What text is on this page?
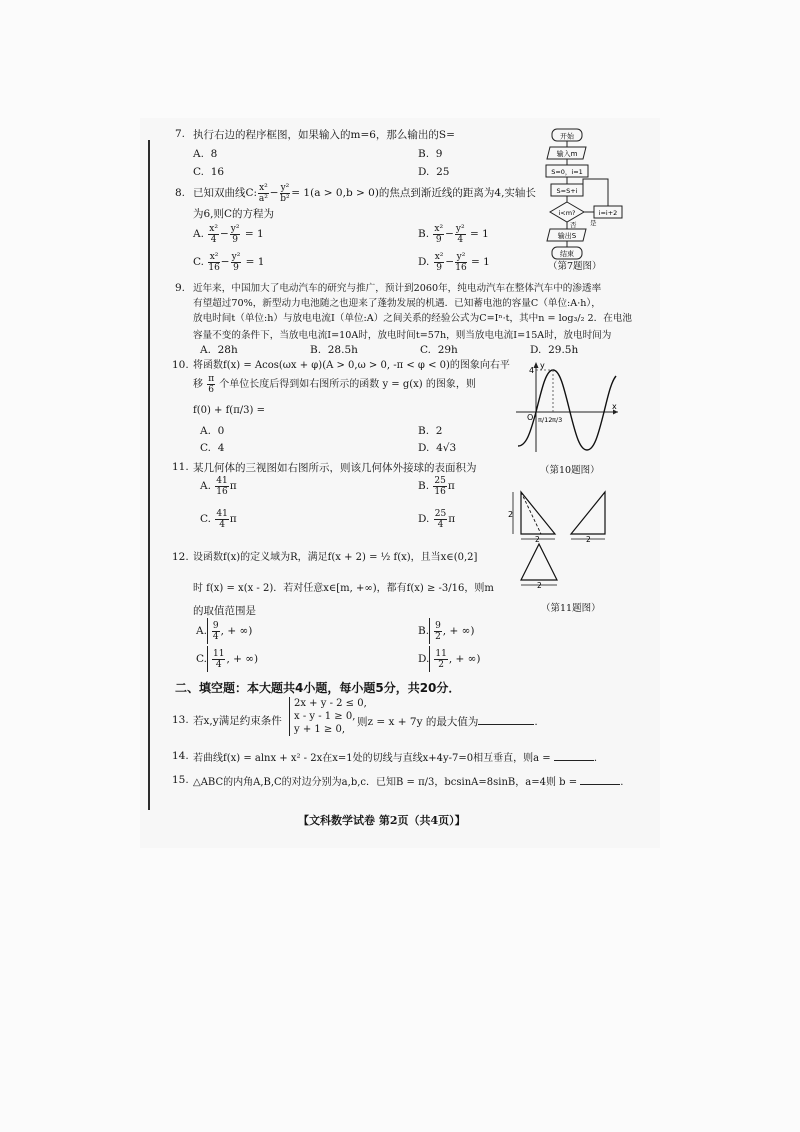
7. 执行右边的程序框图，如果输入的m=6，那么输出的S=
A. 8	B. 9
C. 16	D. 25
开始
输入m
S=0，i=1
S=S+i
i<m?	i=i+2
是
否
输出S
结束
（第7题图）
8. 已知双曲线C: $\frac{\text{x²}}{\text{a²}} - \frac{\text{y²}}{\text{b²}} = 1(a > 0,b > 0)$的焦点到渐近线的距离为4,实轴长
为6,则C的方程为
A. $\frac{\text{x²}}{4} - \frac{\text{y²}}{9} = 1$	B. $\frac{\text{x²}}{9} - \frac{\text{y²}}{4} = 1$
C. $\frac{\text{x²}}{16} - \frac{\text{y²}}{9} = 1$	D. $\frac{\text{x²}}{9} - \frac{\text{y²}}{16} = 1$
9. 近年来，中国加大了电动汽车的研究与推广，预计到2060年，纯电动汽车在整体汽车中的渗透率
有望超过70%，新型动力电池随之也迎来了蓬勃发展的机遇．已知蓄电池的容量C（单位:A·h），
放电时间t（单位:h）与放电电流I（单位:A）之间关系的经验公式为C=Iⁿ·t，其中n = log₃/₂ 2．在电池
容量不变的条件下，当放电电流I=10A时，放电时间t=57h，则当放电电流I=15A时，放电时间为
A. 28h	B. 28.5h	C. 29h	D. 29.5h
10. 将函数f(x) = Acos(ωx + φ)(A > 0,ω > 0, -π < φ < 0)的图象向右平
移 $\frac{\pi}{6}$ 个单位长度后得到如右图所示的函数 y = g(x) 的图象，则
f(0) + f(π/3) =
A. 0	B. 2
C. 4	D. 4√3
y
x
O
4
π/12 π/3
（第10题图）
11. 某几何体的三视图如右图所示，则该几何体外接球的表面积为
A. $\frac{41}{16}$ π	B. $\frac{25}{16}$ π
C. $\frac{41}{4}$ π	D. $\frac{25}{4}$ π	2
2	2
2
（第11题图）
12. 设函数f(x)的定义域为R，满足f(x + 2) = ½ f(x)，且当x∈(0,2]
时 f(x) = x(x - 2)．若对任意x∈[m, +∞)，都有f(x) ≥ -3/16，则m
的取值范围是
A. $\frac{9}{4}$ , + ∞)	B. $\frac{9}{2}$ , + ∞)
C. $\frac{11}{4}$ , + ∞)	D. $\frac{11}{2}$ , + ∞)
二、填空题：本大题共4小题，每小题5分，共20分．
13. 若x,y满足约束条件
2x + y - 2 ≤ 0,
x - y - 1 ≥ 0,
y + 1 ≥ 0,
则z = x + 7y 的最大值为	.
14. 若曲线f(x) = alnx + x² - 2x在x=1处的切线与直线x+4y-7=0相互垂直，则a =	.
15. △ABC的内角A,B,C的对边分别为a,b,c．已知B = π/3，bcsinA=8sinB，a=4则 b =	.
【文科数学试卷 第2页（共4页）】
